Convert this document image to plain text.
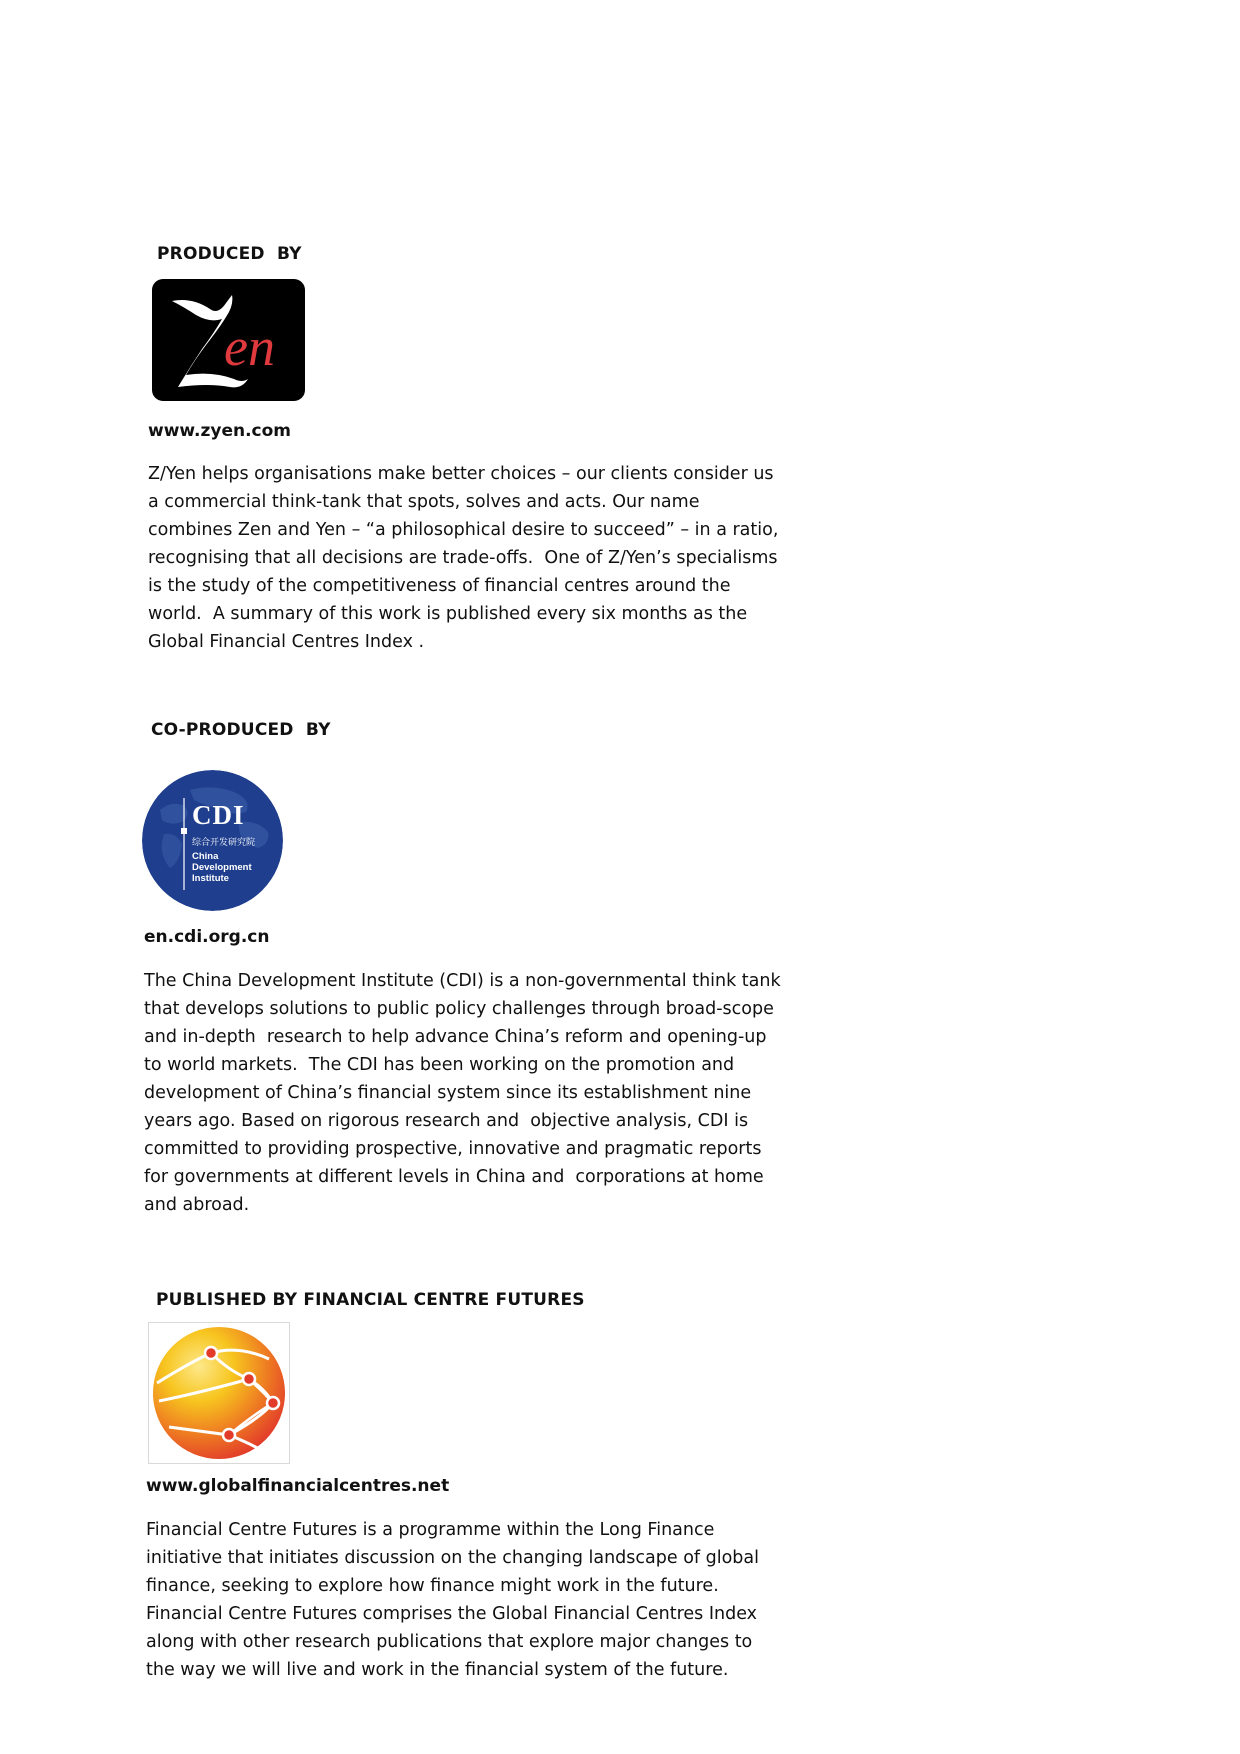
PRODUCED  BY
en
www.zyen.com
Z/Yen helps organisations make better choices – our clients consider us
a commercial think-tank that spots, solves and acts. Our name
combines Zen and Yen – “a philosophical desire to succeed” – in a ratio,
recognising that all decisions are trade-offs.  One of Z/Yen’s specialisms
is the study of the competitiveness of financial centres around the
world.  A summary of this work is published every six months as the
Global Financial Centres Index .
CO-PRODUCED  BY
CDI
综合开发研究院
China
Development
Institute
en.cdi.org.cn
The China Development Institute (CDI) is a non-governmental think tank
that develops solutions to public policy challenges through broad-scope
and in-depth  research to help advance China’s reform and opening-up
to world markets.  The CDI has been working on the promotion and
development of China’s financial system since its establishment nine
years ago. Based on rigorous research and  objective analysis, CDI is
committed to providing prospective, innovative and pragmatic reports
for governments at different levels in China and  corporations at home
and abroad.
PUBLISHED BY FINANCIAL CENTRE FUTURES
www.globalfinancialcentres.net
Financial Centre Futures is a programme within the Long Finance
initiative that initiates discussion on the changing landscape of global
finance, seeking to explore how finance might work in the future.
Financial Centre Futures comprises the Global Financial Centres Index
along with other research publications that explore major changes to
the way we will live and work in the financial system of the future.
